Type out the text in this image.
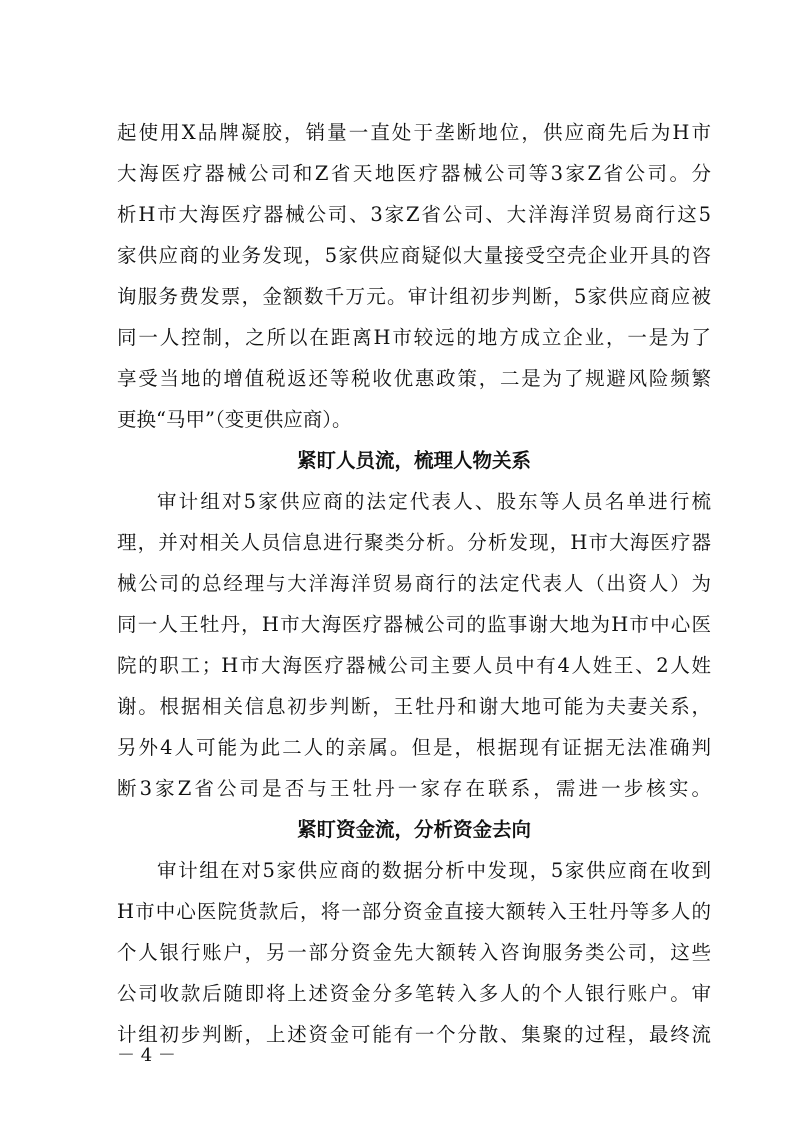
起使用X品牌凝胶，销量一直处于垄断地位，供应商先后为H市
大海医疗器械公司和Z省天地医疗器械公司等3家Z省公司。分
析H市大海医疗器械公司、3家Z省公司、大洋海洋贸易商行这5
家供应商的业务发现，5家供应商疑似大量接受空壳企业开具的咨
询服务费发票，金额数千万元。审计组初步判断，5家供应商应被
同一人控制，之所以在距离H市较远的地方成立企业，一是为了
享受当地的增值税返还等税收优惠政策，二是为了规避风险频繁
更换“马甲”（变更供应商）。
紧盯人员流，梳理人物关系
审计组对5家供应商的法定代表人、股东等人员名单进行梳
理，并对相关人员信息进行聚类分析。分析发现，H市大海医疗器
械公司的总经理与大洋海洋贸易商行的法定代表人（出资人）为
同一人王牡丹，H市大海医疗器械公司的监事谢大地为H市中心医
院的职工；H市大海医疗器械公司主要人员中有4人姓王、2人姓
谢。根据相关信息初步判断，王牡丹和谢大地可能为夫妻关系，
另外4人可能为此二人的亲属。但是，根据现有证据无法准确判
断3家Z省公司是否与王牡丹一家存在联系，需进一步核实。
紧盯资金流，分析资金去向
审计组在对5家供应商的数据分析中发现，5家供应商在收到
H市中心医院货款后，将一部分资金直接大额转入王牡丹等多人的
个人银行账户，另一部分资金先大额转入咨询服务类公司，这些
公司收款后随即将上述资金分多笔转入多人的个人银行账户。审
计组初步判断，上述资金可能有一个分散、集聚的过程，最终流
－ 4 －
